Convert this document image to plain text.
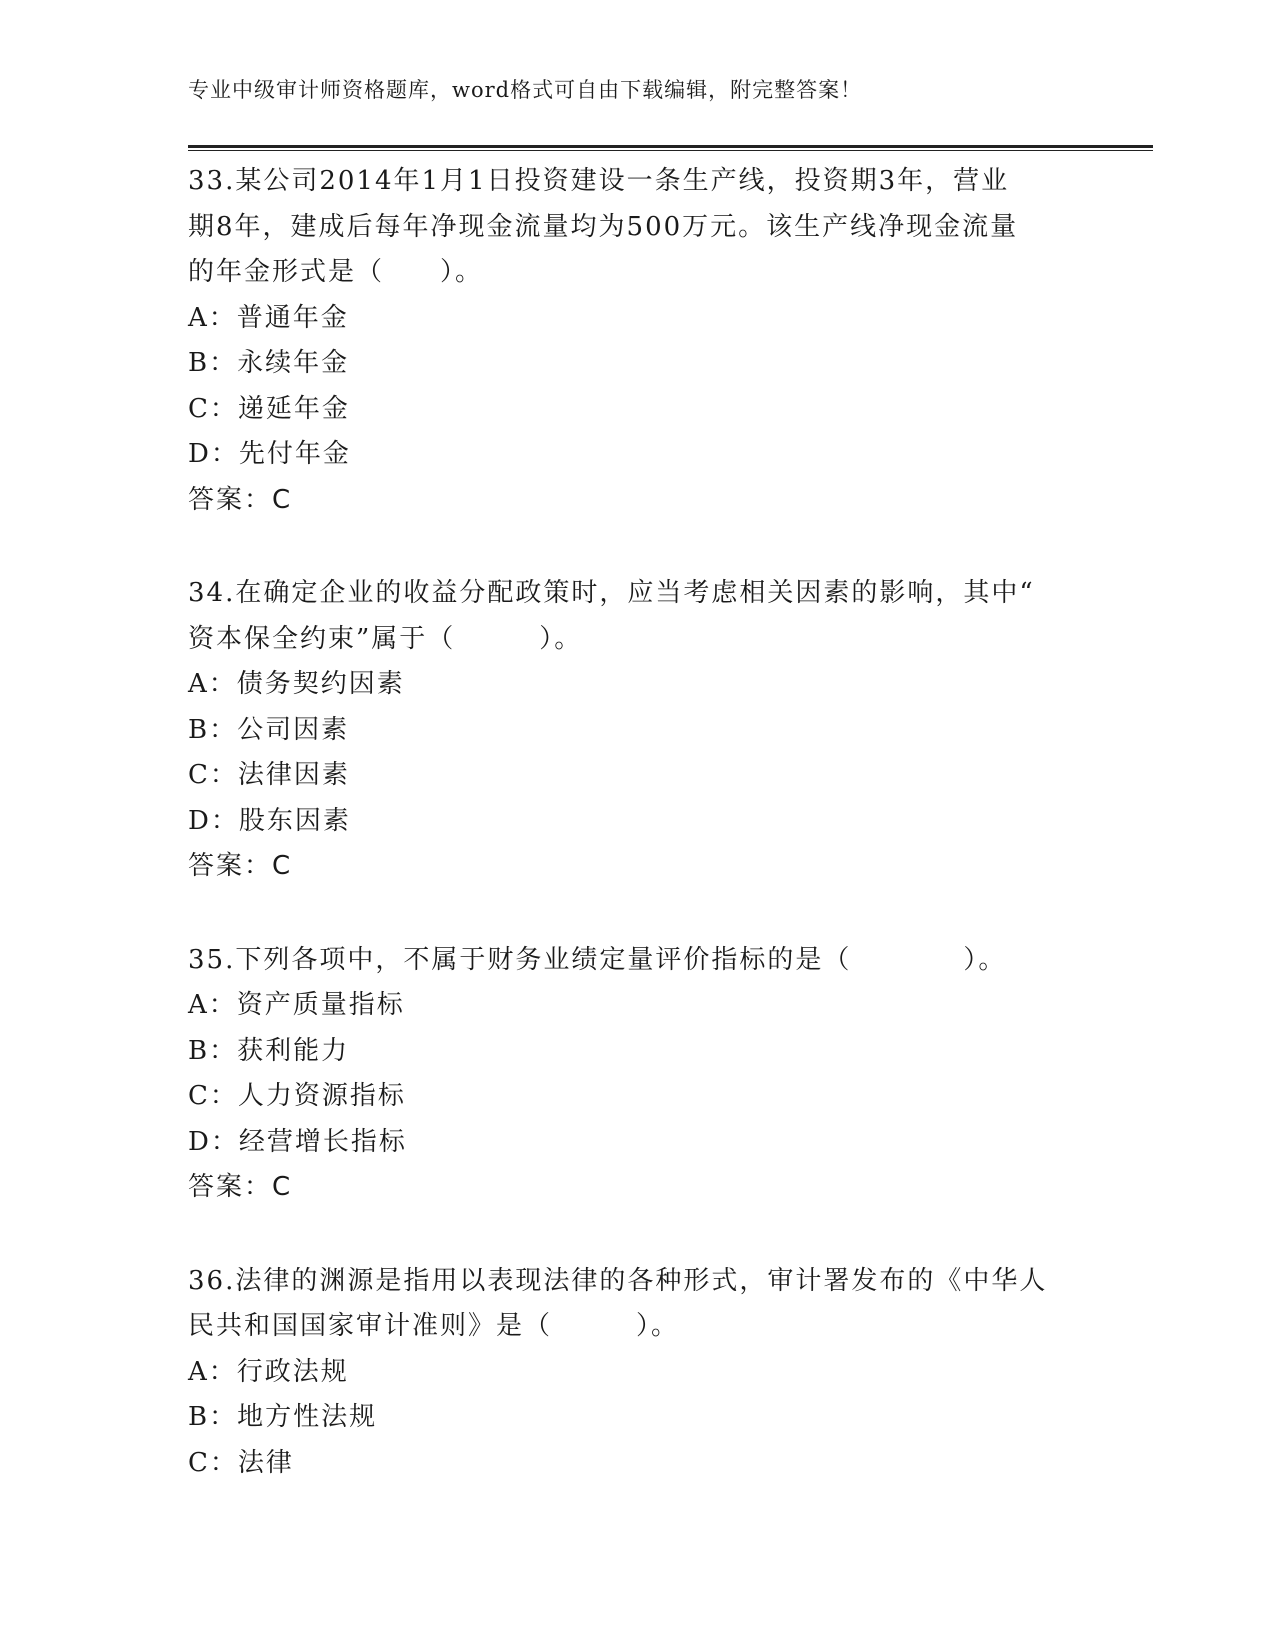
专业中级审计师资格题库，word格式可自由下载编辑，附完整答案！
33.某公司2014年1月1日投资建设一条生产线，投资期3年，营业
期8年，建成后每年净现金流量均为500万元。该生产线净现金流量
的年金形式是（　　）。
A：普通年金
B：永续年金
C：递延年金
D：先付年金
答案：C
34.在确定企业的收益分配政策时，应当考虑相关因素的影响，其中“
资本保全约束”属于（　　　）。
A：债务契约因素
B：公司因素
C：法律因素
D：股东因素
答案：C
35.下列各项中，不属于财务业绩定量评价指标的是（　　　　）。
A：资产质量指标
B：获利能力
C：人力资源指标
D：经营增长指标
答案：C
36.法律的渊源是指用以表现法律的各种形式，审计署发布的《中华人
民共和国国家审计准则》是（　　　）。
A：行政法规
B：地方性法规
C：法律
